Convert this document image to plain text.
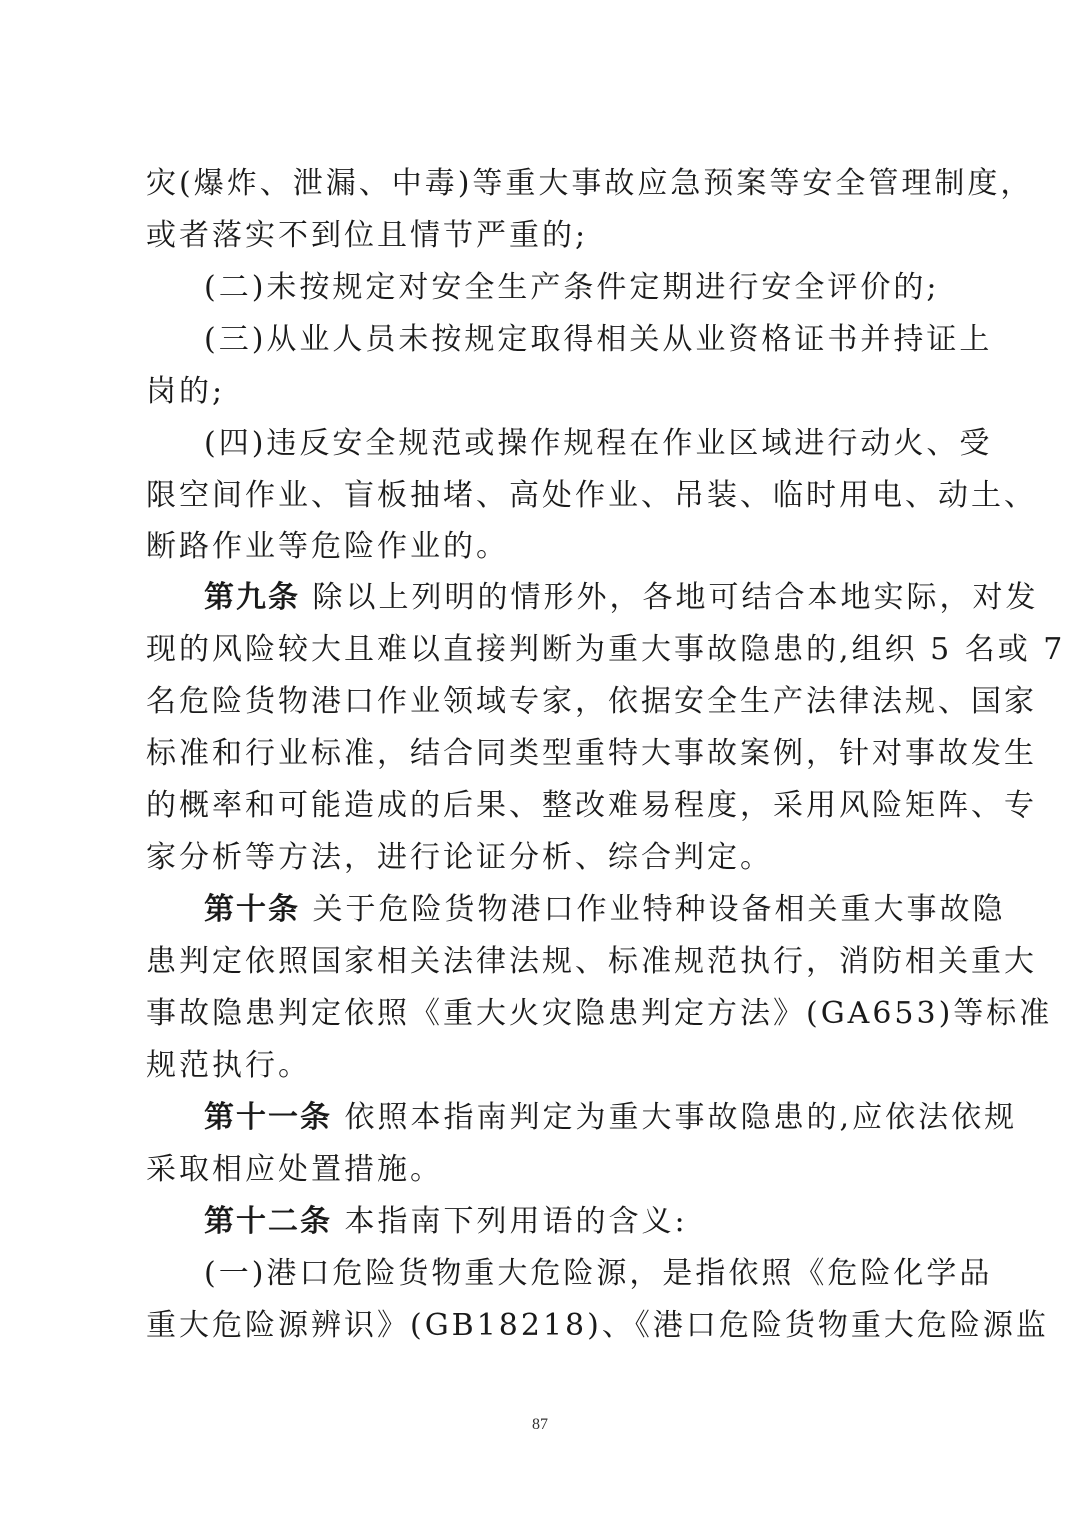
灾(爆炸、泄漏、中毒)等重大事故应急预案等安全管理制度，
或者落实不到位且情节严重的;
(二)未按规定对安全生产条件定期进行安全评价的;
(三)从业人员未按规定取得相关从业资格证书并持证上
岗的;
(四)违反安全规范或操作规程在作业区域进行动火、受
限空间作业、盲板抽堵、高处作业、吊装、临时用电、动土、
断路作业等危险作业的。
第九条 除以上列明的情形外，各地可结合本地实际，对发
现的风险较大且难以直接判断为重大事故隐患的,组织 5 名或 7
名危险货物港口作业领域专家，依据安全生产法律法规、国家
标准和行业标准，结合同类型重特大事故案例，针对事故发生
的概率和可能造成的后果、整改难易程度，采用风险矩阵、专
家分析等方法，进行论证分析、综合判定。
第十条 关于危险货物港口作业特种设备相关重大事故隐
患判定依照国家相关法律法规、标准规范执行，消防相关重大
事故隐患判定依照《重大火灾隐患判定方法》(GA653)等标准
规范执行。
第十一条 依照本指南判定为重大事故隐患的,应依法依规
采取相应处置措施。
第十二条 本指南下列用语的含义:
(一)港口危险货物重大危险源，是指依照《危险化学品
重大危险源辨识》(GB18218)、《港口危险货物重大危险源监
87
